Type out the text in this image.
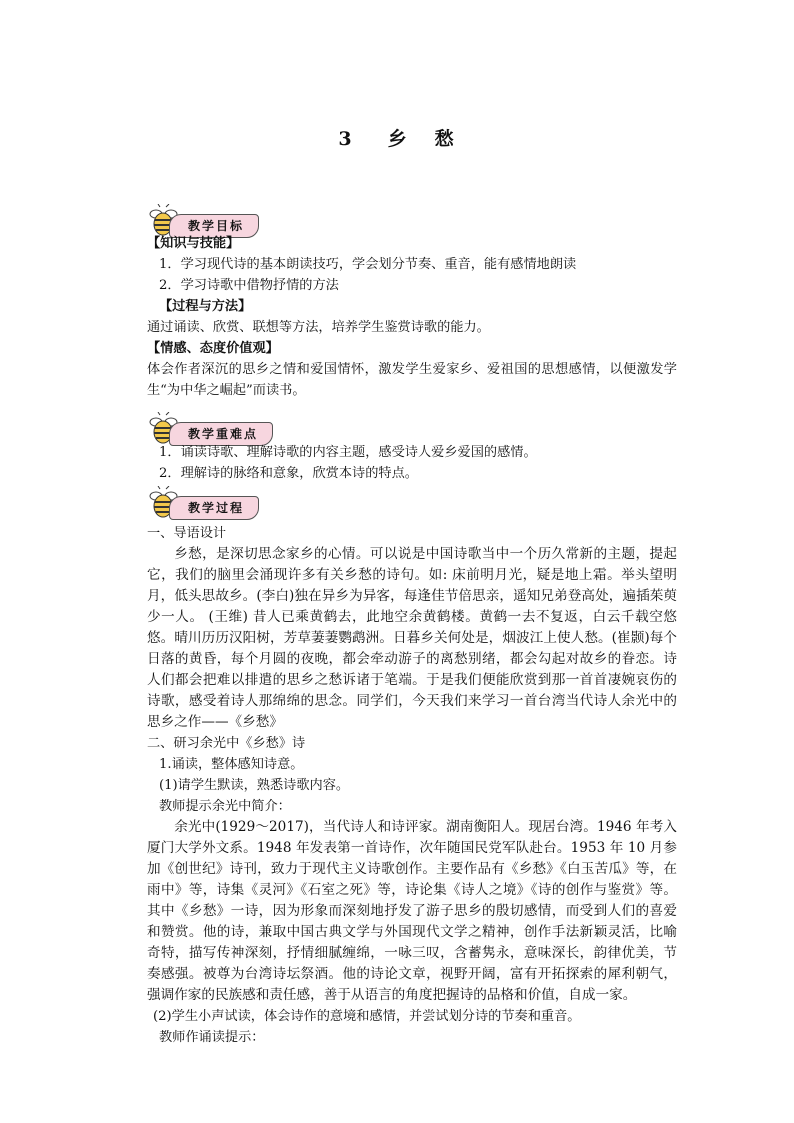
3 乡 愁
教学目标
【知识与技能】
1．学习现代诗的基本朗读技巧，学会划分节奏、重音，能有感情地朗读
2．学习诗歌中借物抒情的方法
【过程与方法】
通过诵读、欣赏、联想等方法，培养学生鉴赏诗歌的能力。
【情感、态度价值观】
体会作者深沉的思乡之情和爱国情怀，激发学生爱家乡、爱祖国的思想感情，以便激发学生“为中华之崛起”而读书。
教学重难点
1．诵读诗歌、理解诗歌的内容主题，感受诗人爱乡爱国的感情。
2．理解诗的脉络和意象，欣赏本诗的特点。
教学过程
一、导语设计

乡愁，是深切思念家乡的心情。可以说是中国诗歌当中一个历久常新的主题，提起它，我们的脑里会涌现许多有关乡愁的诗句。如: 床前明月光，疑是地上霜。举头望明月，低头思故乡。(李白)独在异乡为异客，每逢佳节倍思亲，遥知兄弟登高处，遍插茱萸少一人。 (王维) 昔人已乘黄鹤去，此地空余黄鹤楼。黄鹤一去不复返，白云千载空悠悠。晴川历历汉阳树，芳草萋萋鹦鹉洲。日暮乡关何处是，烟波江上使人愁。(崔颢)每个日落的黄昏，每个月圆的夜晚，都会牵动游子的离愁别绪，都会勾起对故乡的眷恋。诗人们都会把难以排遣的思乡之愁诉诸于笔端。于是我们便能欣赏到那一首首凄婉哀伤的诗歌，感受着诗人那绵绵的思念。同学们，今天我们来学习一首台湾当代诗人余光中的思乡之作——《乡愁》

二、研习余光中《乡愁》诗
1.诵读，整体感知诗意。
(1)请学生默读，熟悉诗歌内容。
教师提示余光中简介：

余光中(1929～2017)，当代诗人和诗评家。湖南衡阳人。现居台湾。1946 年考入厦门大学外文系。1948 年发表第一首诗作，次年随国民党军队赴台。1953 年 10 月参加《创世纪》诗刊，致力于现代主义诗歌创作。主要作品有《乡愁》《白玉苦瓜》等，在雨中》等，诗集《灵河》《石室之死》等，诗论集《诗人之境》《诗的创作与鉴赏》等。其中《乡愁》一诗，因为形象而深刻地抒发了游子思乡的殷切感情，而受到人们的喜爱和赞赏。他的诗，兼取中国古典文学与外国现代文学之精神，创作手法新颖灵活，比喻奇特，描写传神深刻，抒情细腻缠绵，一咏三叹，含蓄隽永，意味深长，韵律优美，节奏感强。被尊为台湾诗坛祭酒。他的诗论文章，视野开阔，富有开拓探索的犀利朝气，强调作家的民族感和责任感，善于从语言的角度把握诗的品格和价值，自成一家。

(2)学生小声试读，体会诗作的意境和感情，并尝试划分诗的节奏和重音。
教师作诵读提示：
